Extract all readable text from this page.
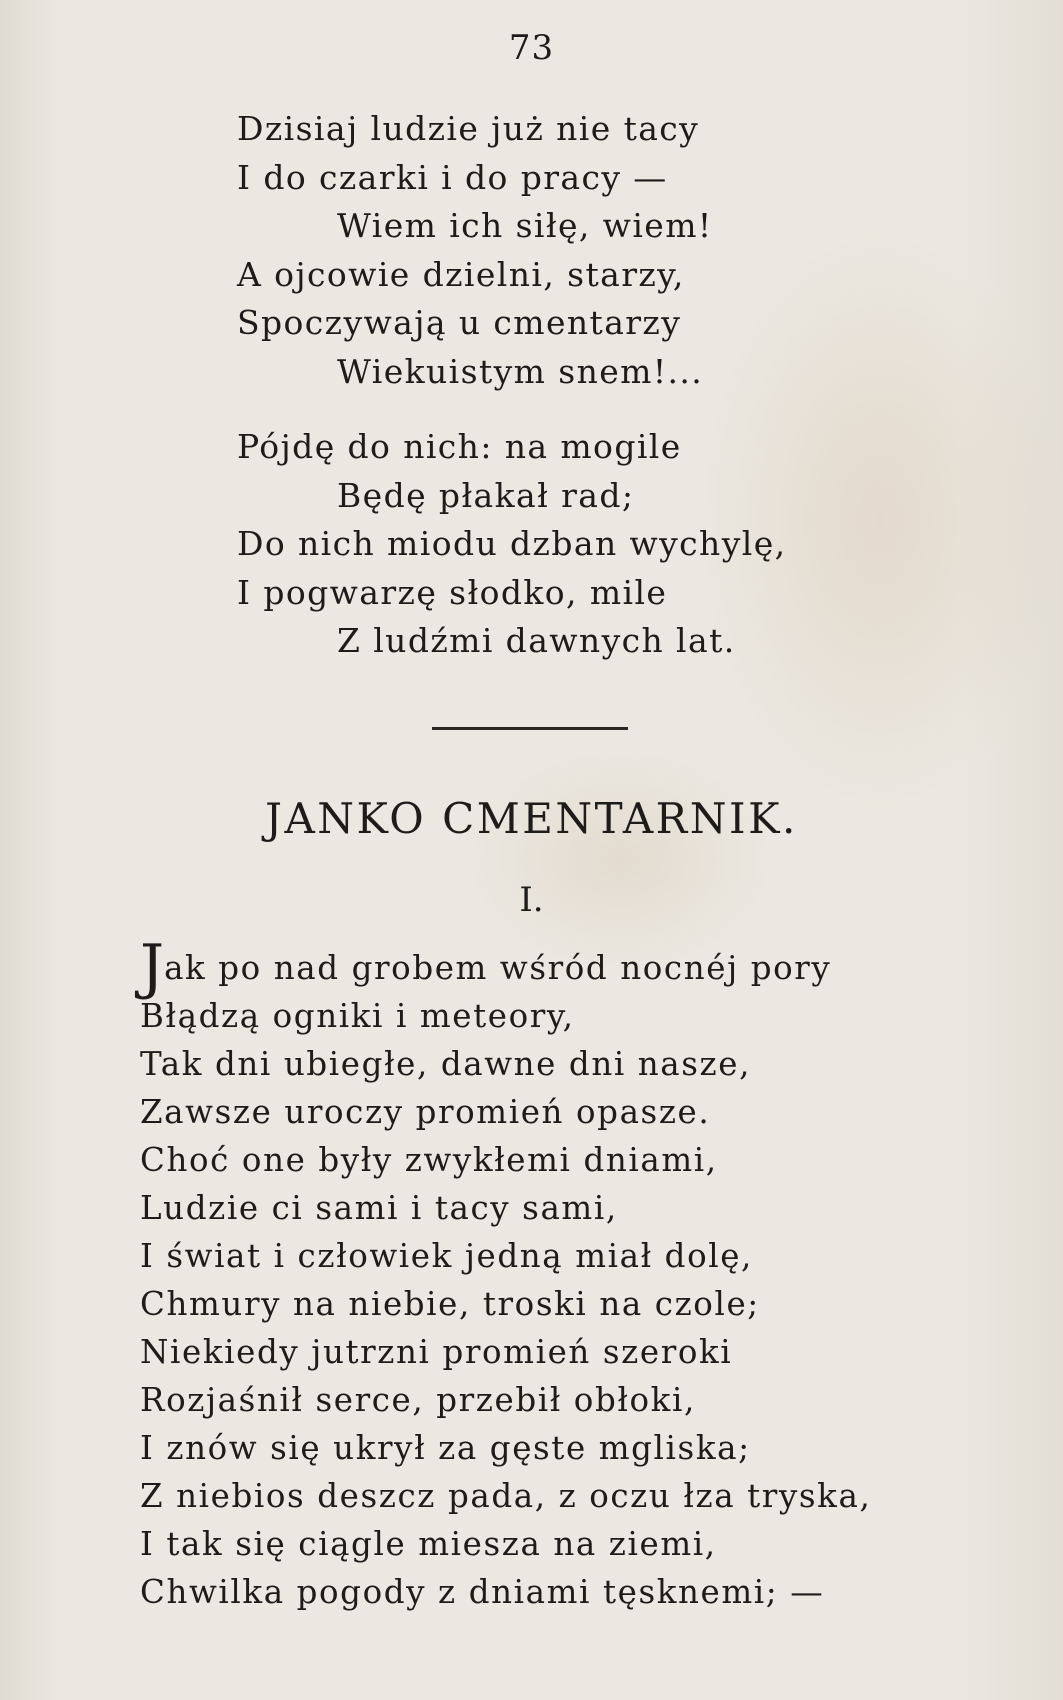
73
Dzisiaj ludzie już nie tacy
I do czarki i do pracy —
Wiem ich siłę, wiem!
A ojcowie dzielni, starzy,
Spoczywają u cmentarzy
Wiekuistym snem!...
Pójdę do nich: na mogile
Będę płakał rad;
Do nich miodu dzban wychylę,
I pogwarzę słodko, mile
Z ludźmi dawnych lat.
JANKO CMENTARNIK.
I.
Jak po nad grobem wśród nocnéj pory
Błądzą ogniki i meteory,
Tak dni ubiegłe, dawne dni nasze,
Zawsze uroczy promień opasze.
Choć one były zwykłemi dniami,
Ludzie ci sami i tacy sami,
I świat i człowiek jedną miał dolę,
Chmury na niebie, troski na czole;
Niekiedy jutrzni promień szeroki
Rozjaśnił serce, przebił obłoki,
I znów się ukrył za gęste mgliska;
Z niebios deszcz pada, z oczu łza tryska,
I tak się ciągle miesza na ziemi,
Chwilka pogody z dniami tęsknemi; —
